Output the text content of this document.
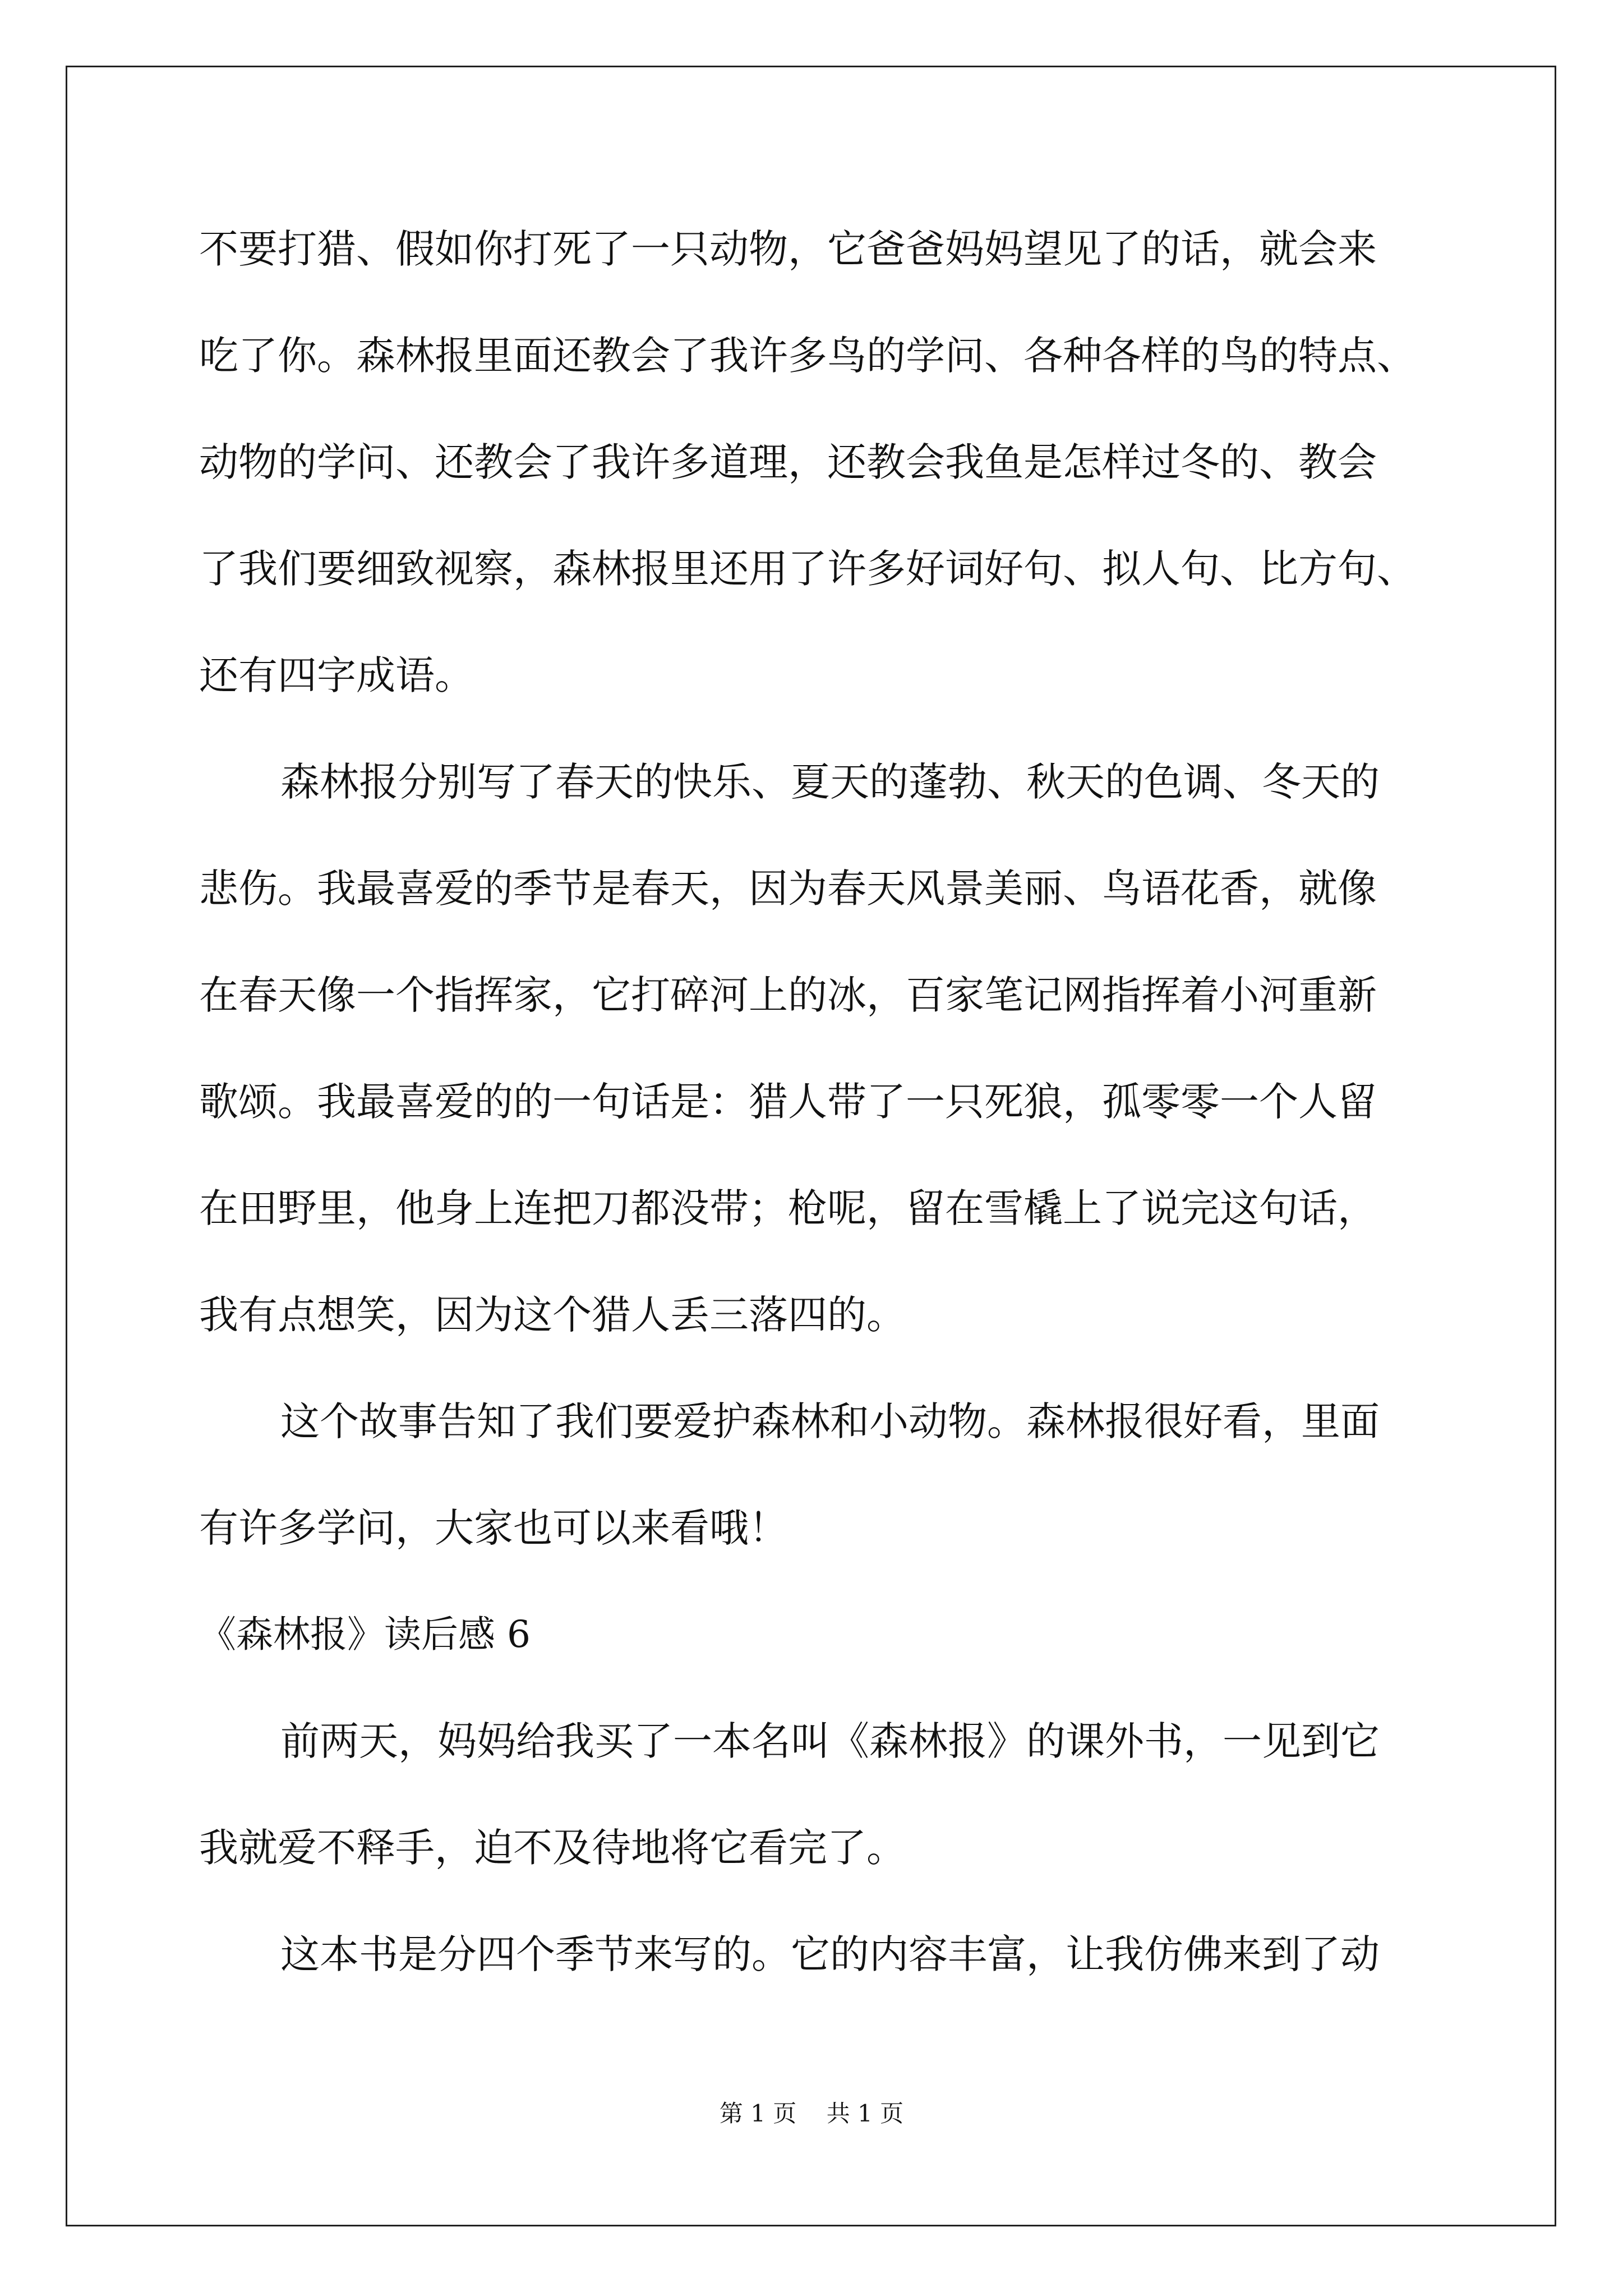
不要打猎、假如你打死了一只动物，它爸爸妈妈望见了的话，就会来
吃了你。森林报里面还教会了我许多鸟的学问、各种各样的鸟的特点、
动物的学问、还教会了我许多道理，还教会我鱼是怎样过冬的、教会
了我们要细致视察，森林报里还用了许多好词好句、拟人句、比方句、
还有四字成语。
森林报分别写了春天的快乐、夏天的蓬勃、秋天的色调、冬天的
悲伤。我最喜爱的季节是春天，因为春天风景美丽、鸟语花香，就像
在春天像一个指挥家，它打碎河上的冰，百家笔记网指挥着小河重新
歌颂。我最喜爱的的一句话是：猎人带了一只死狼，孤零零一个人留
在田野里，他身上连把刀都没带；枪呢，留在雪橇上了说完这句话，
我有点想笑，因为这个猎人丢三落四的。
这个故事告知了我们要爱护森林和小动物。森林报很好看，里面
有许多学问，大家也可以来看哦！
《森林报》读后感 6
前两天，妈妈给我买了一本名叫《森林报》的课外书，一见到它
我就爱不释手，迫不及待地将它看完了。
这本书是分四个季节来写的。它的内容丰富，让我仿佛来到了动
第 1 页    共 1 页
